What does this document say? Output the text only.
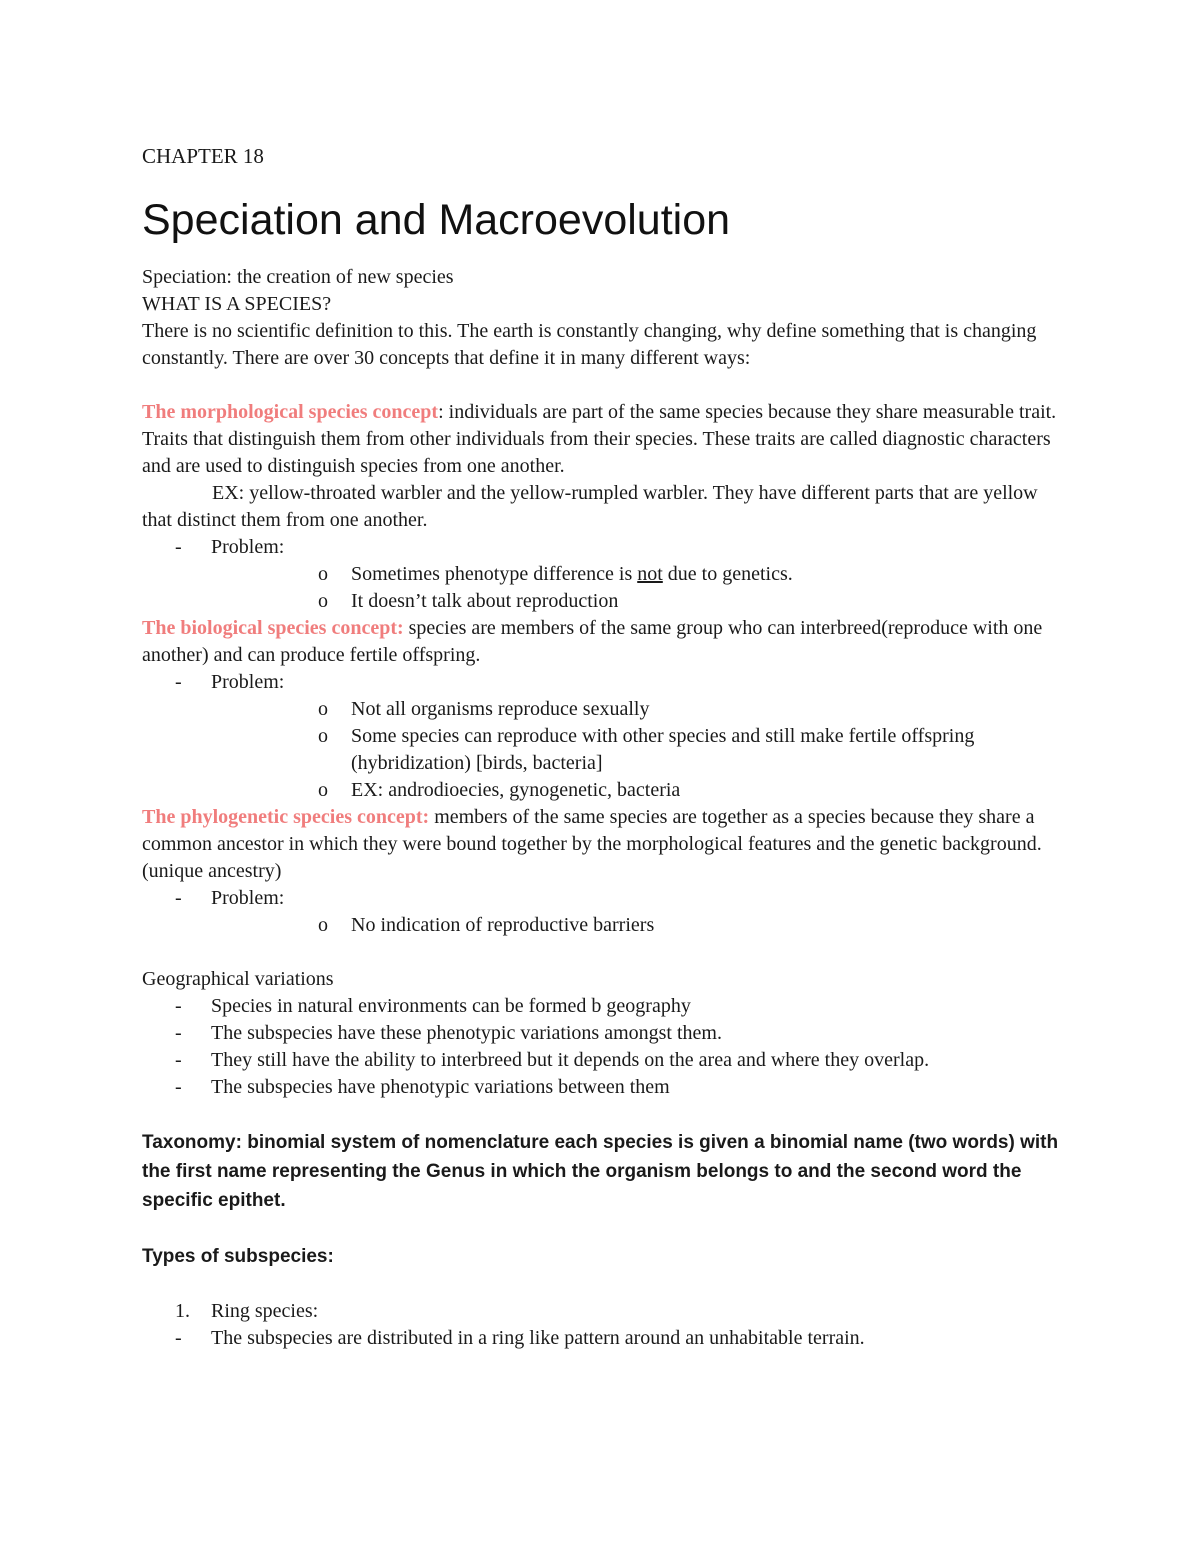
CHAPTER 18

Speciation and Macroevolution

Speciation: the creation of new species

WHAT IS A SPECIES?

There is no scientific definition to this. The earth is constantly changing, why define something that is changing constantly. There are over 30 concepts that define it in many different ways:

The morphological species concept: individuals are part of the same species because they share measurable trait. Traits that distinguish them from other individuals from their species. These traits are called diagnostic characters and are used to distinguish species from one another.

EX: yellow-throated warbler and the yellow-rumpled warbler. They have different parts that are yellow that distinct them from one another.

- Problem:
o Sometimes phenotype difference is not due to genetics.
o It doesn’t talk about reproduction

The biological species concept: species are members of the same group who can interbreed(reproduce with one another) and can produce fertile offspring.

- Problem:
o Not all organisms reproduce sexually
o Some species can reproduce with other species and still make fertile offspring (hybridization) [birds, bacteria]
o EX: androdioecies, gynogenetic, bacteria

The phylogenetic species concept: members of the same species are together as a species because they share a common ancestor in which they were bound together by the morphological features and the genetic background. (unique ancestry)

- Problem:
o No indication of reproductive barriers

Geographical variations

- Species in natural environments can be formed b geography
- The subspecies have these phenotypic variations amongst them.
- They still have the ability to interbreed but it depends on the area and where they overlap.
- The subspecies have phenotypic variations between them

Taxonomy: binomial system of nomenclature each species is given a binomial name (two words) with the first name representing the Genus in which the organism belongs to and the second word the specific epithet.

Types of subspecies:

1. Ring species:
- The subspecies are distributed in a ring like pattern around an unhabitable terrain.
